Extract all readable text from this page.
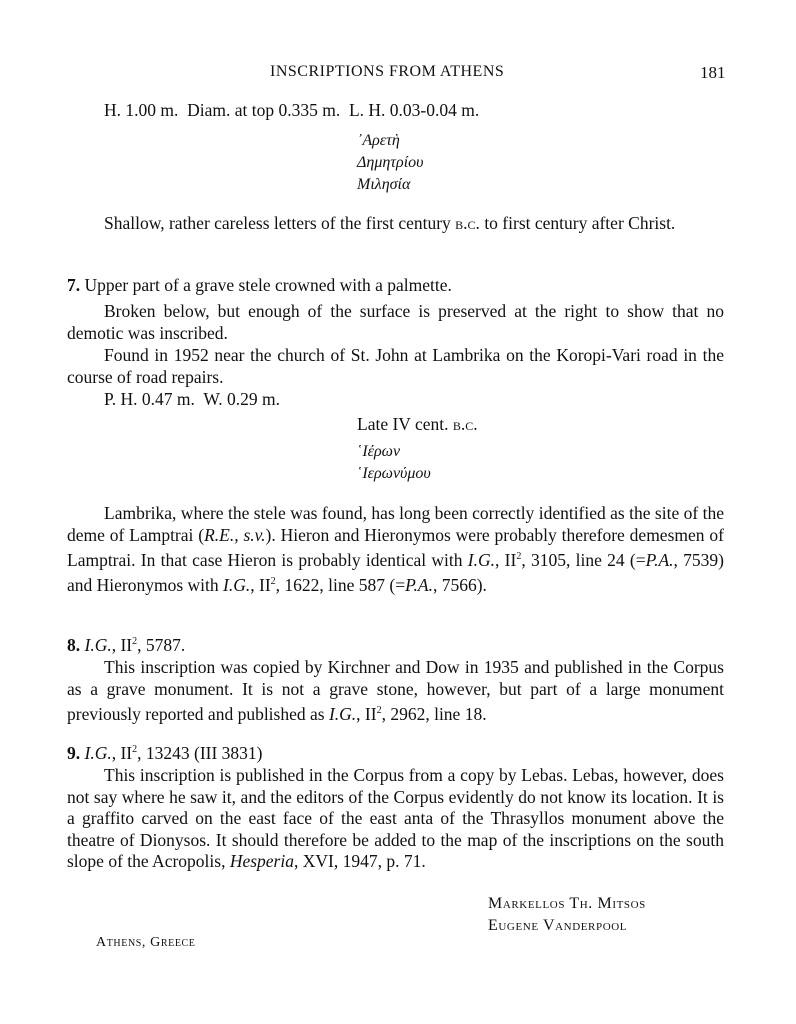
INSCRIPTIONS FROM ATHENS	181
H. 1.00 m.  Diam. at top 0.335 m.  L. H. 0.03-0.04 m.
᾿Αρετὴ
Δημητρίου
Μιλησία
Shallow, rather careless letters of the first century b.c. to first century after Christ.
7. Upper part of a grave stele crowned with a palmette.
Broken below, but enough of the surface is preserved at the right to show that no demotic was inscribed.
Found in 1952 near the church of St. John at Lambrika on the Koropi-Vari road in the course of road repairs.
P. H. 0.47 m.  W. 0.29 m.
Late IV cent. b.c.
῾Ιέρων
῾Ιερωνύμου
Lambrika, where the stele was found, has long been correctly identified as the site of the deme of Lamptrai (R.E., s.v.). Hieron and Hieronymos were probably therefore demesmen of Lamptrai. In that case Hieron is probably identical with I.G., $II^2$, 3105, line 24 (=P.A., 7539) and Hieronymos with I.G., $II^2$, 1622, line 587 (=P.A., 7566).
8. I.G., $II^2$, 5787.
This inscription was copied by Kirchner and Dow in 1935 and published in the Corpus as a grave monument. It is not a grave stone, however, but part of a large monument previously reported and published as I.G., $II^2$, 2962, line 18.
9. I.G., $II^2$, 13243 (III 3831)
This inscription is published in the Corpus from a copy by Lebas. Lebas, however, does not say where he saw it, and the editors of the Corpus evidently do not know its location. It is a graffito carved on the east face of the east anta of the Thrasyllos monument above the theatre of Dionysos. It should therefore be added to the map of the inscriptions on the south slope of the Acropolis, Hesperia, XVI, 1947, p. 71.
Markellos Th. Mitsos
Eugene Vanderpool
Athens, Greece
